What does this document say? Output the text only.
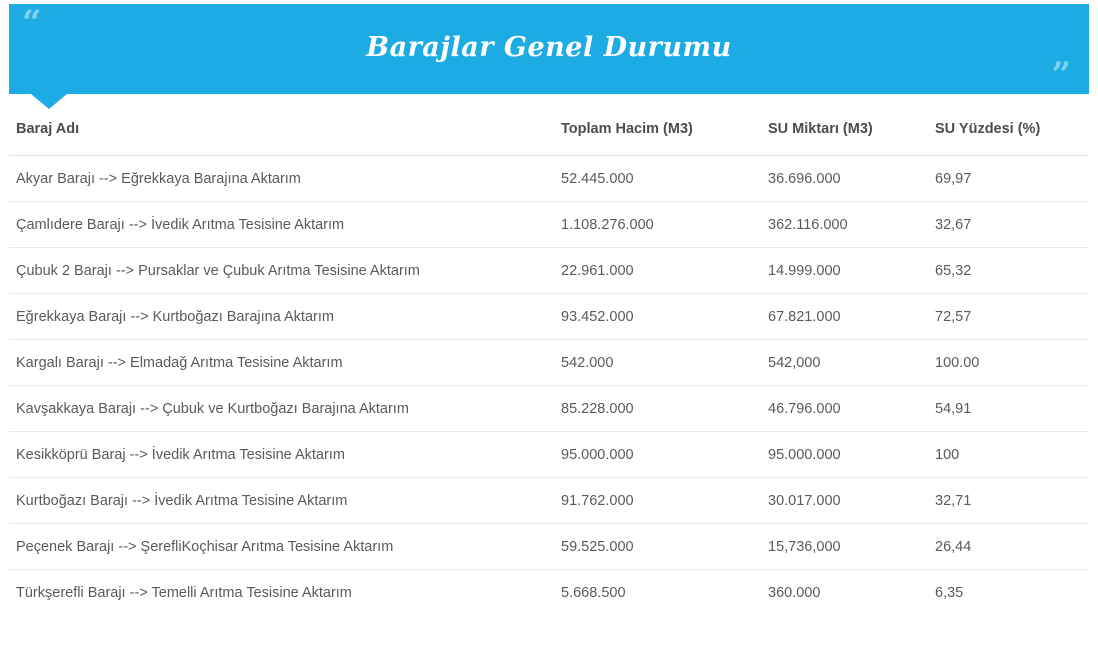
“
Barajlar Genel Durumu
”
Baraj Adı	Toplam Hacim (M3)	SU Miktarı (M3)	SU Yüzdesi (%)
Akyar Barajı --> Eğrekkaya Barajına Aktarım	52.445.000	36.696.000	69,97
Çamlıdere Barajı --> İvedik Arıtma Tesisine Aktarım	1.108.276.000	362.116.000	32,67
Çubuk 2 Barajı --> Pursaklar ve Çubuk Arıtma Tesisine Aktarım	22.961.000	14.999.000	65,32
Eğrekkaya Barajı --> Kurtboğazı Barajına Aktarım	93.452.000	67.821.000	72,57
Kargalı Barajı --> Elmadağ Arıtma Tesisine Aktarım	542.000	542,000	100.00
Kavşakkaya Barajı --> Çubuk ve Kurtboğazı Barajına Aktarım	85.228.000	46.796.000	54,91
Kesikköprü Baraj --> İvedik Arıtma Tesisine Aktarım	95.000.000	95.000.000	100
Kurtboğazı Barajı --> İvedik Arıtma Tesisine Aktarım	91.762.000	30.017.000	32,71
Peçenek Barajı --> ŞerefliKoçhisar Arıtma Tesisine Aktarım	59.525.000	15,736,000	26,44
Türkşerefli Barajı --> Temelli Arıtma Tesisine Aktarım	5.668.500	360.000	6,35
